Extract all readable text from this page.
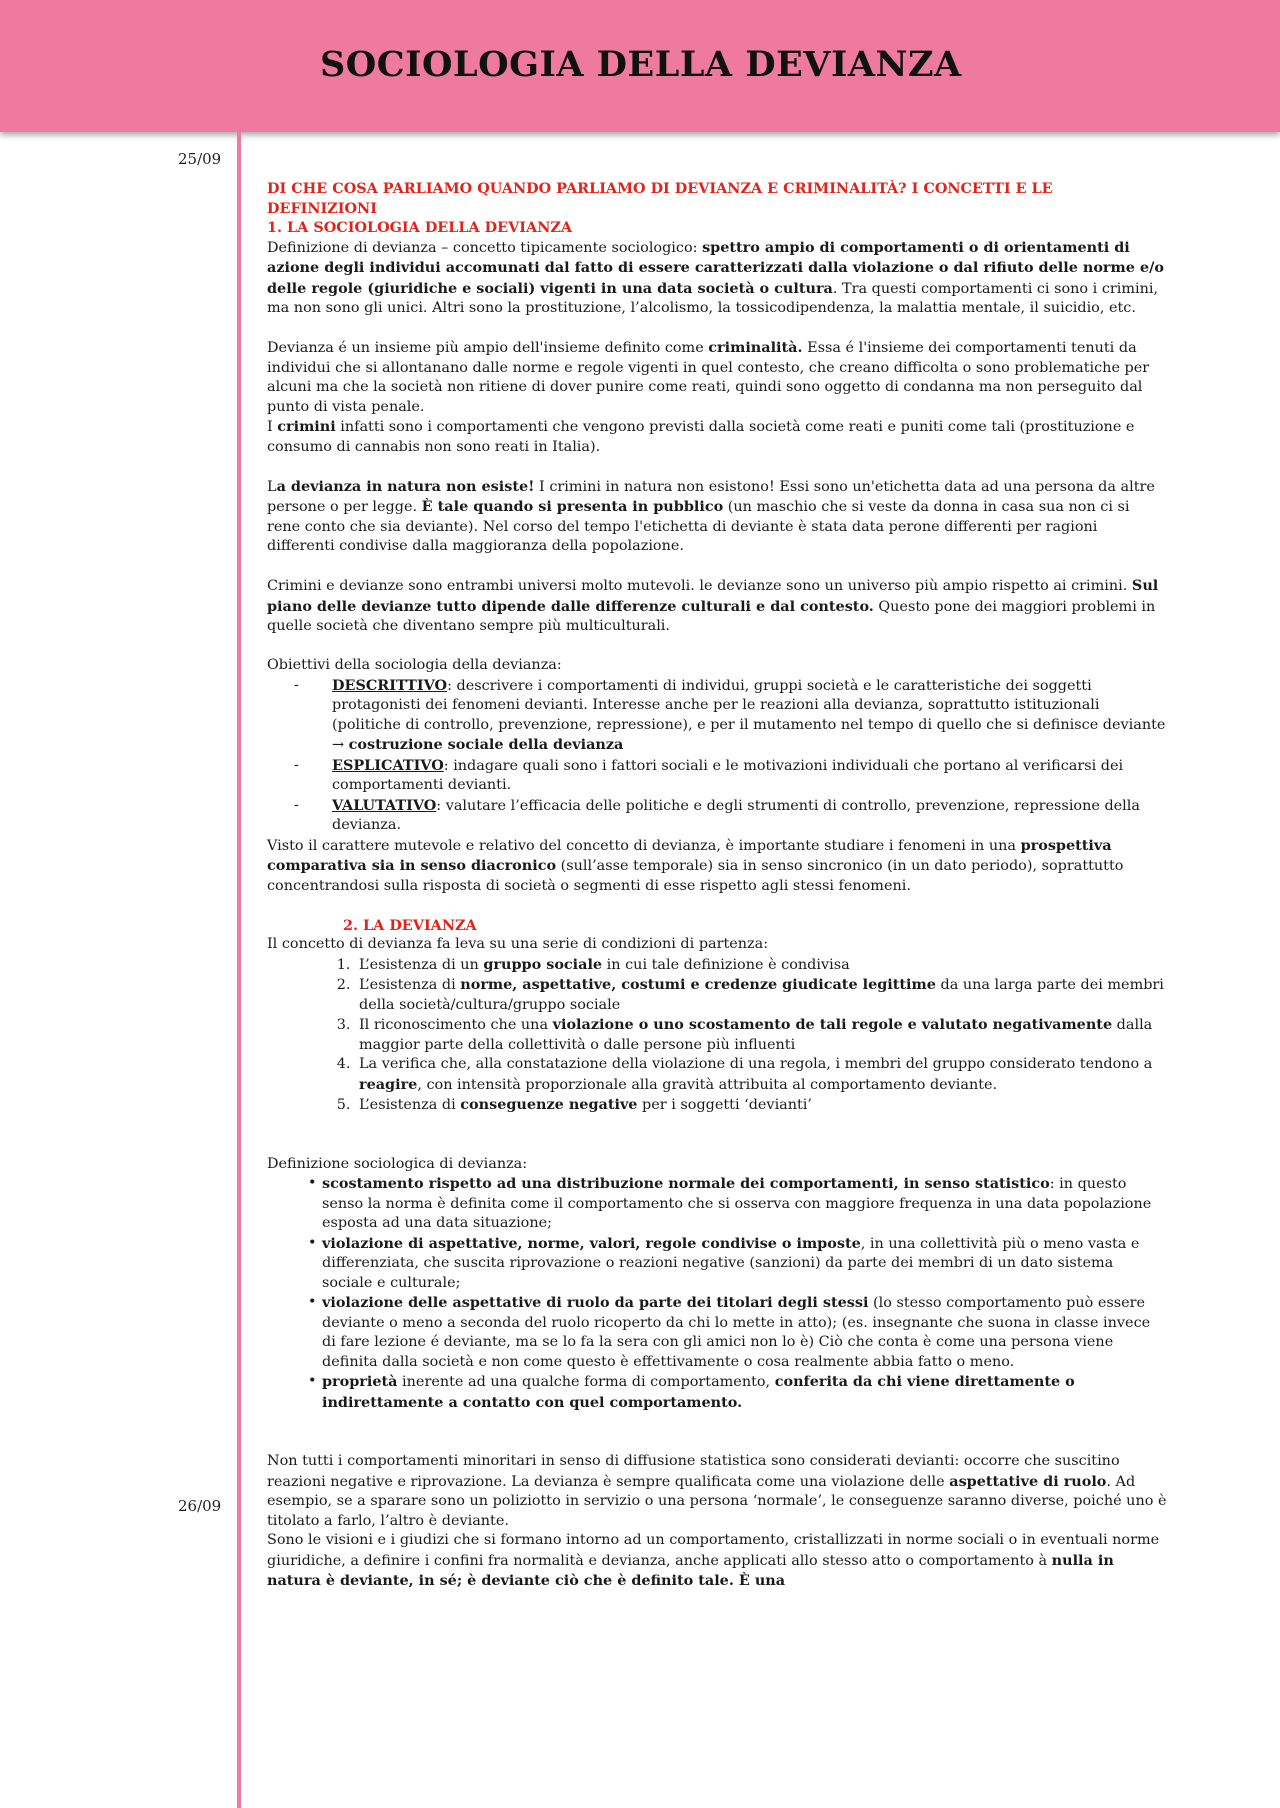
SOCIOLOGIA DELLA DEVIANZA
25/09
26/09

DI CHE COSA PARLIAMO QUANDO PARLIAMO DI DEVIANZA E CRIMINALITÀ? I CONCETTI E LE DEFINIZIONI

1. LA SOCIOLOGIA DELLA DEVIANZA

Definizione di devianza – concetto tipicamente sociologico: spettro ampio di comportamenti o di orientamenti di azione degli individui accomunati dal fatto di essere caratterizzati dalla violazione o dal rifiuto delle norme e/o delle regole (giuridiche e sociali) vigenti in una data società o cultura. Tra questi comportamenti ci sono i crimini, ma non sono gli unici. Altri sono la prostituzione, l’alcolismo, la tossicodipendenza, la malattia mentale, il suicidio, etc.

Devianza é un insieme più ampio dell'insieme definito come criminalità. Essa é l'insieme dei comportamenti tenuti da individui che si allontanano dalle norme e regole vigenti in quel contesto, che creano difficolta o sono problematiche per alcuni ma che la società non ritiene di dover punire come reati, quindi sono oggetto di condanna ma non perseguito dal punto di vista penale.

I crimini infatti sono i comportamenti che vengono previsti dalla società come reati e puniti come tali (prostituzione e consumo di cannabis non sono reati in Italia).

La devianza in natura non esiste! I crimini in natura non esistono! Essi sono un'etichetta data ad una persona da altre persone o per legge. È tale quando si presenta in pubblico (un maschio che si veste da donna in casa sua non ci si rene conto che sia deviante). Nel corso del tempo l'etichetta di deviante è stata data perone differenti per ragioni differenti condivise dalla maggioranza della popolazione.

Crimini e devianze sono entrambi universi molto mutevoli. le devianze sono un universo più ampio rispetto ai crimini. Sul piano delle devianze tutto dipende dalle differenze culturali e dal contesto. Questo pone dei maggiori problemi in quelle società che diventano sempre più multiculturali.

Obiettivi della sociologia della devianza:

- DESCRITTIVO: descrivere i comportamenti di individui, gruppi società e le caratteristiche dei soggetti protagonisti dei fenomeni devianti. Interesse anche per le reazioni alla devianza, soprattutto istituzionali (politiche di controllo, prevenzione, repressione), e per il mutamento nel tempo di quello che si definisce deviante → costruzione sociale della devianza
- ESPLICATIVO: indagare quali sono i fattori sociali e le motivazioni individuali che portano al verificarsi dei comportamenti devianti.
- VALUTATIVO: valutare l’efficacia delle politiche e degli strumenti di controllo, prevenzione, repressione della devianza.

Visto il carattere mutevole e relativo del concetto di devianza, è importante studiare i fenomeni in una prospettiva comparativa sia in senso diacronico (sull’asse temporale) sia in senso sincronico (in un dato periodo), soprattutto concentrandosi sulla risposta di società o segmenti di esse rispetto agli stessi fenomeni.

2. LA DEVIANZA

Il concetto di devianza fa leva su una serie di condizioni di partenza:

1. L’esistenza di un gruppo sociale in cui tale definizione è condivisa
2. L’esistenza di norme, aspettative, costumi e credenze giudicate legittime da una larga parte dei membri della società/cultura/gruppo sociale
3. Il riconoscimento che una violazione o uno scostamento de tali regole e valutato negativamente dalla maggior parte della collettività o dalle persone più influenti
4. La verifica che, alla constatazione della violazione di una regola, i membri del gruppo considerato tendono a reagire, con intensità proporzionale alla gravità attribuita al comportamento deviante.
5. L’esistenza di conseguenze negative per i soggetti ‘devianti’

Definizione sociologica di devianza:

• scostamento rispetto ad una distribuzione normale dei comportamenti, in senso statistico: in questo senso la norma è definita come il comportamento che si osserva con maggiore frequenza in una data popolazione esposta ad una data situazione;
• violazione di aspettative, norme, valori, regole condivise o imposte, in una collettività più o meno vasta e differenziata, che suscita riprovazione o reazioni negative (sanzioni) da parte dei membri di un dato sistema sociale e culturale;
• violazione delle aspettative di ruolo da parte dei titolari degli stessi (lo stesso comportamento può essere deviante o meno a seconda del ruolo ricoperto da chi lo mette in atto); (es. insegnante che suona in classe invece di fare lezione é deviante, ma se lo fa la sera con gli amici non lo è) Ciò che conta è come una persona viene definita dalla società e non come questo è effettivamente o cosa realmente abbia fatto o meno.
• proprietà inerente ad una qualche forma di comportamento, conferita da chi viene direttamente o indirettamente a contatto con quel comportamento.

Non tutti i comportamenti minoritari in senso di diffusione statistica sono considerati devianti: occorre che suscitino reazioni negative e riprovazione. La devianza è sempre qualificata come una violazione delle aspettative di ruolo. Ad esempio, se a sparare sono un poliziotto in servizio o una persona ‘normale’, le conseguenze saranno diverse, poiché uno è titolato a farlo, l’altro è deviante.

Sono le visioni e i giudizi che si formano intorno ad un comportamento, cristallizzati in norme sociali o in eventuali norme giuridiche, a definire i confini fra normalità e devianza, anche applicati allo stesso atto o comportamento à nulla in natura è deviante, in sé; è deviante ciò che è definito tale. È una
